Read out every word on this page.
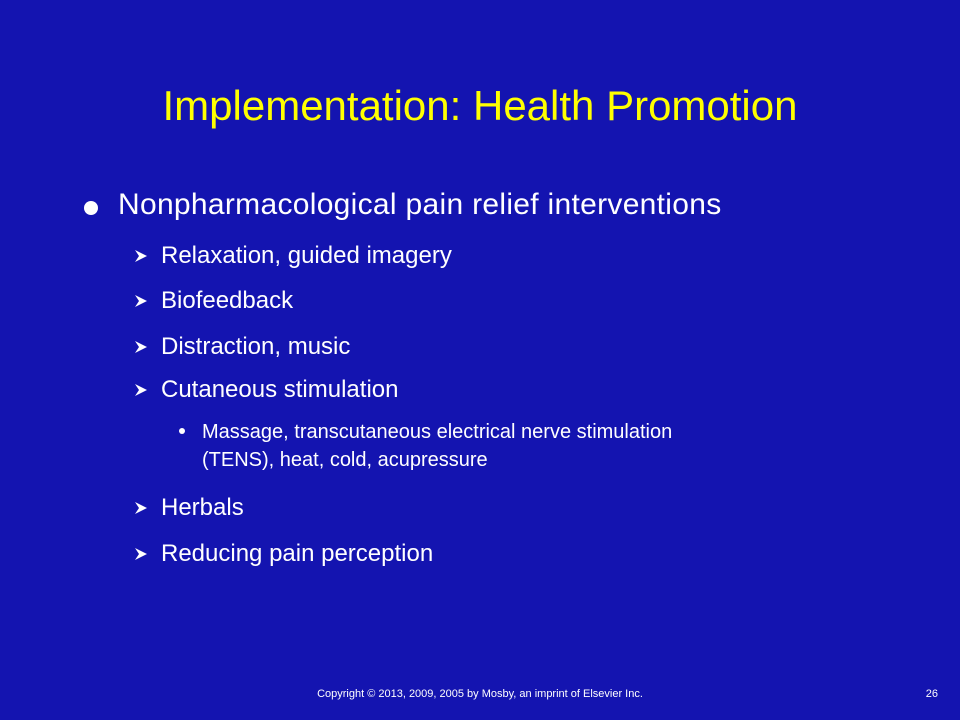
Implementation: Health Promotion
Nonpharmacological pain relief interventions
Relaxation, guided imagery
Biofeedback
Distraction, music
Cutaneous stimulation
Massage, transcutaneous electrical nerve stimulation
(TENS), heat, cold, acupressure
Herbals
Reducing pain perception
Copyright © 2013, 2009, 2005 by Mosby, an imprint of Elsevier Inc.	26
